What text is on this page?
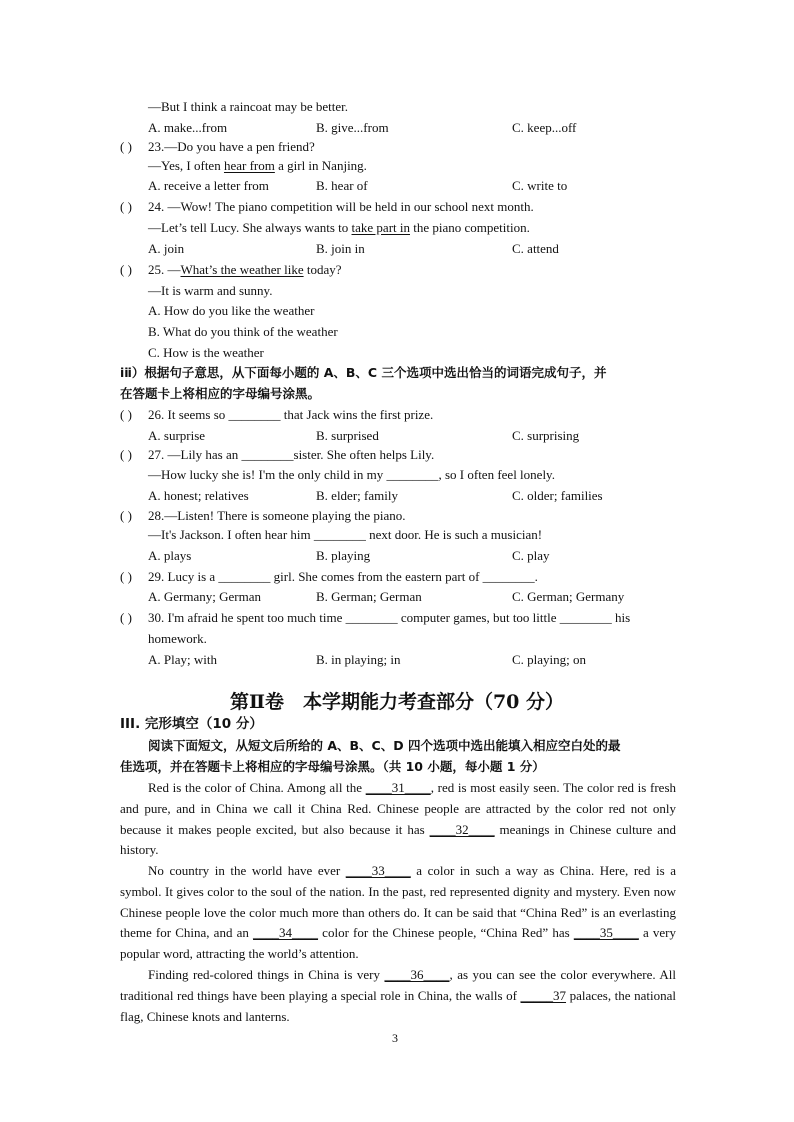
—But I think a raincoat may be better.
A. make...from	B. give...from	C. keep...off
( ) 23.—Do you have a pen friend?
—Yes, I often hear from a girl in Nanjing.
A. receive a letter from	B. hear of	C. write to
( ) 24. —Wow! The piano competition will be held in our school next month.
—Let’s tell Lucy. She always wants to take part in the piano competition.
A. join	B. join in	C. attend
( ) 25. —What’s the weather like today?
—It is warm and sunny.
A. How do you like the weather
B. What do you think of the weather
C. How is the weather
ⅰⅱ）根据句子意思，从下面每小题的 A、B、C 三个选项中选出恰当的词语完成句子，并
在答题卡上将相应的字母编号涂黑。
( ) 26. It seems so ________ that Jack wins the first prize.
A. surprise	B. surprised	C. surprising
( ) 27. —Lily has an ________sister. She often helps Lily.
—How lucky she is! I'm the only child in my ________, so I often feel lonely.
A. honest; relatives	B. elder; family	C. older; families
( ) 28.—Listen! There is someone playing the piano.
—It's Jackson. I often hear him ________ next door. He is such a musician!
A. plays	B. playing	C. play
( ) 29. Lucy is a ________ girl. She comes from the eastern part of ________.
A. Germany; German	B. German; German	C. German; Germany
( ) 30. I'm afraid he spent too much time ________ computer games, but too little ________ his
homework.
A. Play; with	B. in playing; in	C. playing; on
第Ⅱ卷　本学期能力考查部分（70 分）
III. 完形填空（10 分）
阅读下面短文，从短文后所给的 A、B、C、D 四个选项中选出能填入相应空白处的最
佳选项，并在答题卡上将相应的字母编号涂黑。（共 10 小题，每小题 1 分）
Red is the color of China. Among all the ____31____, red is most easily seen. The color red is fresh and pure, and in China we call it China Red. Chinese people are attracted by the color red not only because it makes people excited, but also because it has ____32____ meanings in Chinese culture and history.
No country in the world have ever ____33____ a color in such a way as China. Here, red is a symbol. It gives color to the soul of the nation. In the past, red represented dignity and mystery. Even now Chinese people love the color much more than others do. It can be said that “China Red” is an everlasting theme for China, and an ____34____ color for the Chinese people, “China Red” has ____35____ a very popular word, attracting the world’s attention.
Finding red-colored things in China is very ____36____, as you can see the color everywhere. All traditional red things have been playing a special role in China, the walls of _____37 palaces, the national flag, Chinese knots and lanterns.
3
